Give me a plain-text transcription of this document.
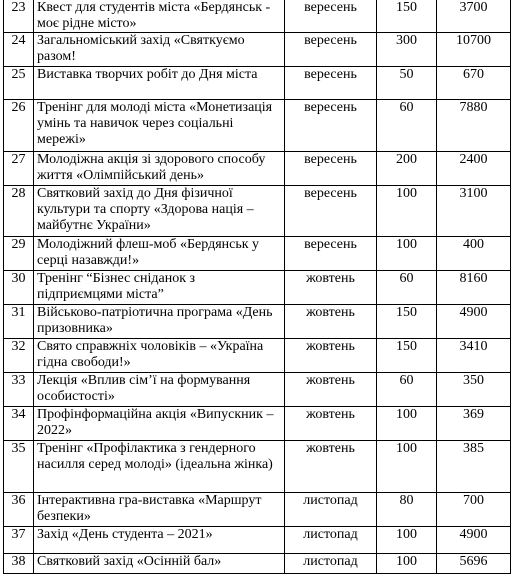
23	Квест для студентів міста «Бердянськ - моє рідне місто»	вересень	150	3700
24	Загальноміський захід «Святкуємо разом!	вересень	300	10700
25	Виставка творчих робіт до Дня міста	вересень	50	670
26	Тренінг для молоді міста «Монетизація умінь та навичок через соціальні мережі»	вересень	60	7880
27	Молодіжна акція зі здорового способу життя «Олімпійський день»	вересень	200	2400
28	Святковий захід до Дня фізичної культури та спорту «Здорова нація – майбутнє України»	вересень	100	3100
29	Молодіжний флеш-моб «Бердянськ у серці назавжди!»	вересень	100	400
30	Тренінг “Бізнес сніданок з підприємцями міста”	жовтень	60	8160
31	Військово-патріотична програма «День призовника»	жовтень	150	4900
32	Свято справжніх чоловіків – «Україна гідна свободи!»	жовтень	150	3410
33	Лекція «Вплив сім’ї на формування особистості»	жовтень	60	350
34	Профінформаційна акція «Випускник – 2022»	жовтень	100	369
35	Тренінг «Профілактика з гендерного насилля серед молоді» (ідеальна жінка)	жовтень	100	385
36	Інтерактивна гра-виставка «Маршрут безпеки»	листопад	80	700
37	Захід «День студента – 2021»	листопад	100	4900
38	Святковий захід «Осінній бал»	листопад	100	5696
